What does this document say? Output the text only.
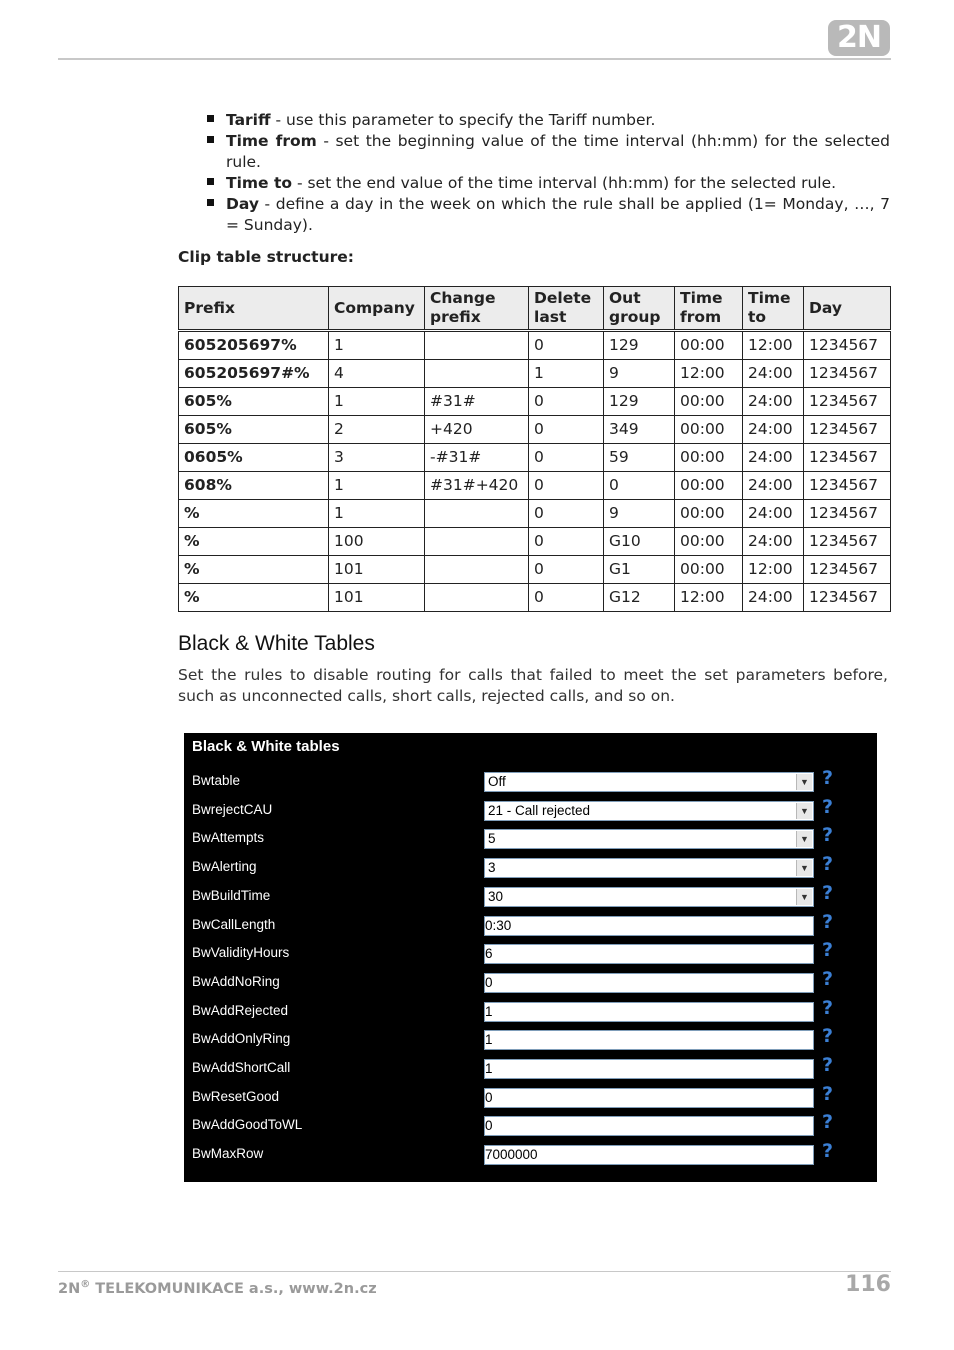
2N
Tariff - use this parameter to specify the Tariff number.
Time from - set the beginning value of the time interval (hh:mm) for the selected rule.
Time to - set the end value of the time interval (hh:mm) for the selected rule.
Day - define a day in the week on which the rule shall be applied (1= Monday, …, 7 = Sunday).
Clip table structure:
Prefix	Company	Change prefix	Delete last	Out group	Time from	Time to	Day
605205697%	1		0	129	00:00	12:00	1234567
605205697#%	4		1	9	12:00	24:00	1234567
605%	1	#31#	0	129	00:00	24:00	1234567
605%	2	+420	0	349	00:00	24:00	1234567
0605%	3	-#31#	0	59	00:00	24:00	1234567
608%	1	#31#+420	0	0	00:00	24:00	1234567
%	1		0	9	00:00	24:00	1234567
%	100		0	G10	00:00	24:00	1234567
%	101		0	G1	00:00	12:00	1234567
%	101		0	G12	12:00	24:00	1234567
Black & White Tables
Set the rules to disable routing for calls that failed to meet the set parameters before, such as unconnected calls, short calls, rejected calls, and so on.
Black & White tables
Bwtable	Off	▼ ?
BwrejectCAU	21 - Call rejected	▼ ?
BwAttempts	5	▼ ?
BwAlerting	3	▼ ?
BwBuildTime	30	▼ ?
BwCallLength	0:30	?
BwValidityHours	6	?
BwAddNoRing	0	?
BwAddRejected	1	?
BwAddOnlyRing	1	?
BwAddShortCall	1	?
BwResetGood	0	?
BwAddGoodToWL	0	?
BwMaxRow	7000000	?
2N® TELEKOMUNIKACE a.s., www.2n.cz	116
